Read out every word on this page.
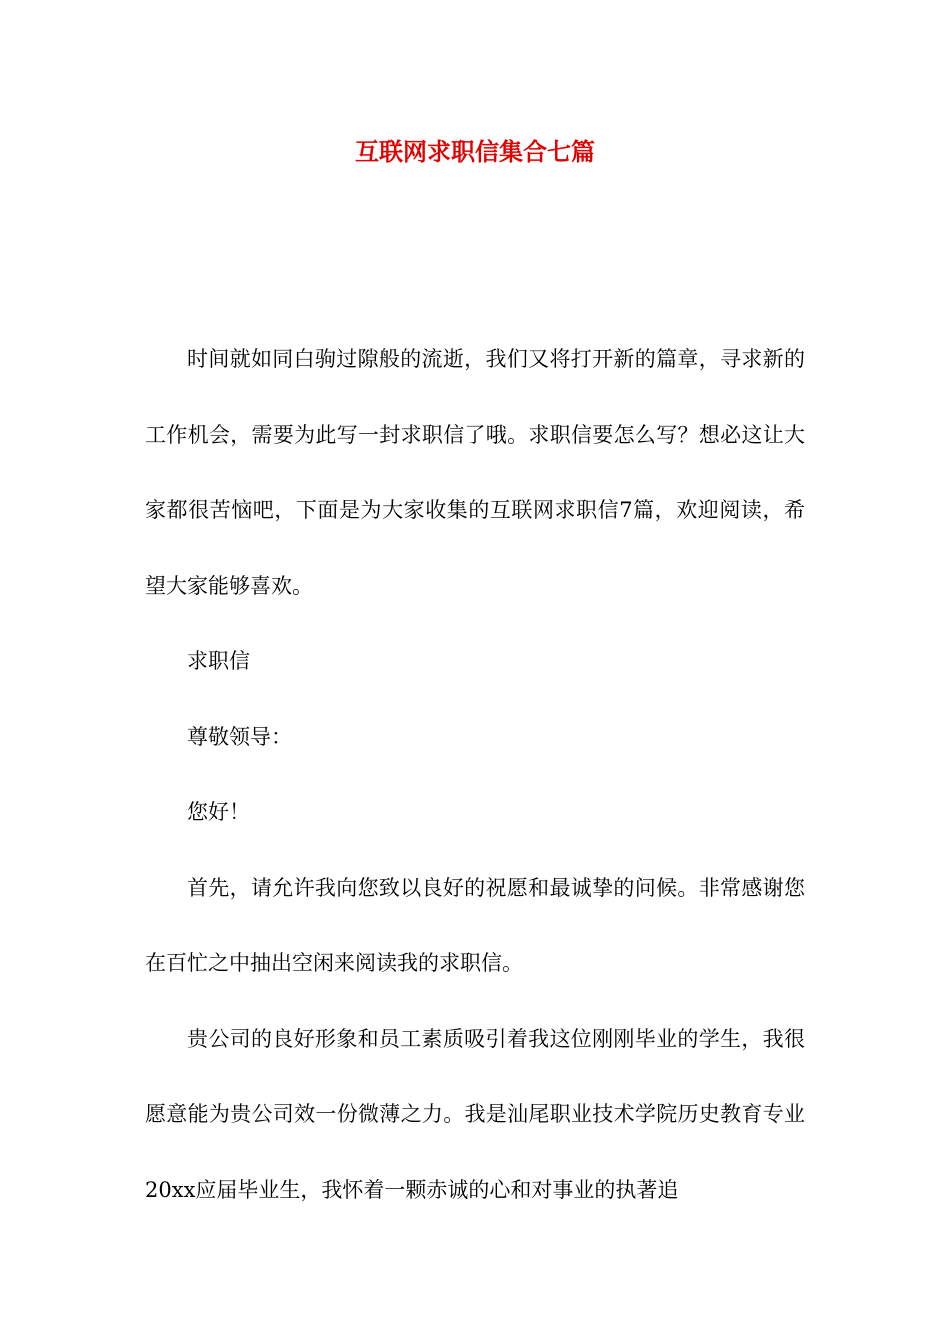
互联网求职信集合七篇

时间就如同白驹过隙般的流逝，我们又将打开新的篇章，寻求新的工作机会，需要为此写一封求职信了哦。求职信要怎么写？想必这让大家都很苦恼吧，下面是为大家收集的互联网求职信7篇，欢迎阅读，希望大家能够喜欢。

求职信

尊敬领导：

您好！

首先，请允许我向您致以良好的祝愿和最诚挚的问候。非常感谢您在百忙之中抽出空闲来阅读我的求职信。

贵公司的良好形象和员工素质吸引着我这位刚刚毕业的学生，我很愿意能为贵公司效一份微薄之力。我是汕尾职业技术学院历史教育专业20xx应届毕业生，我怀着一颗赤诚的心和对事业的执著追
